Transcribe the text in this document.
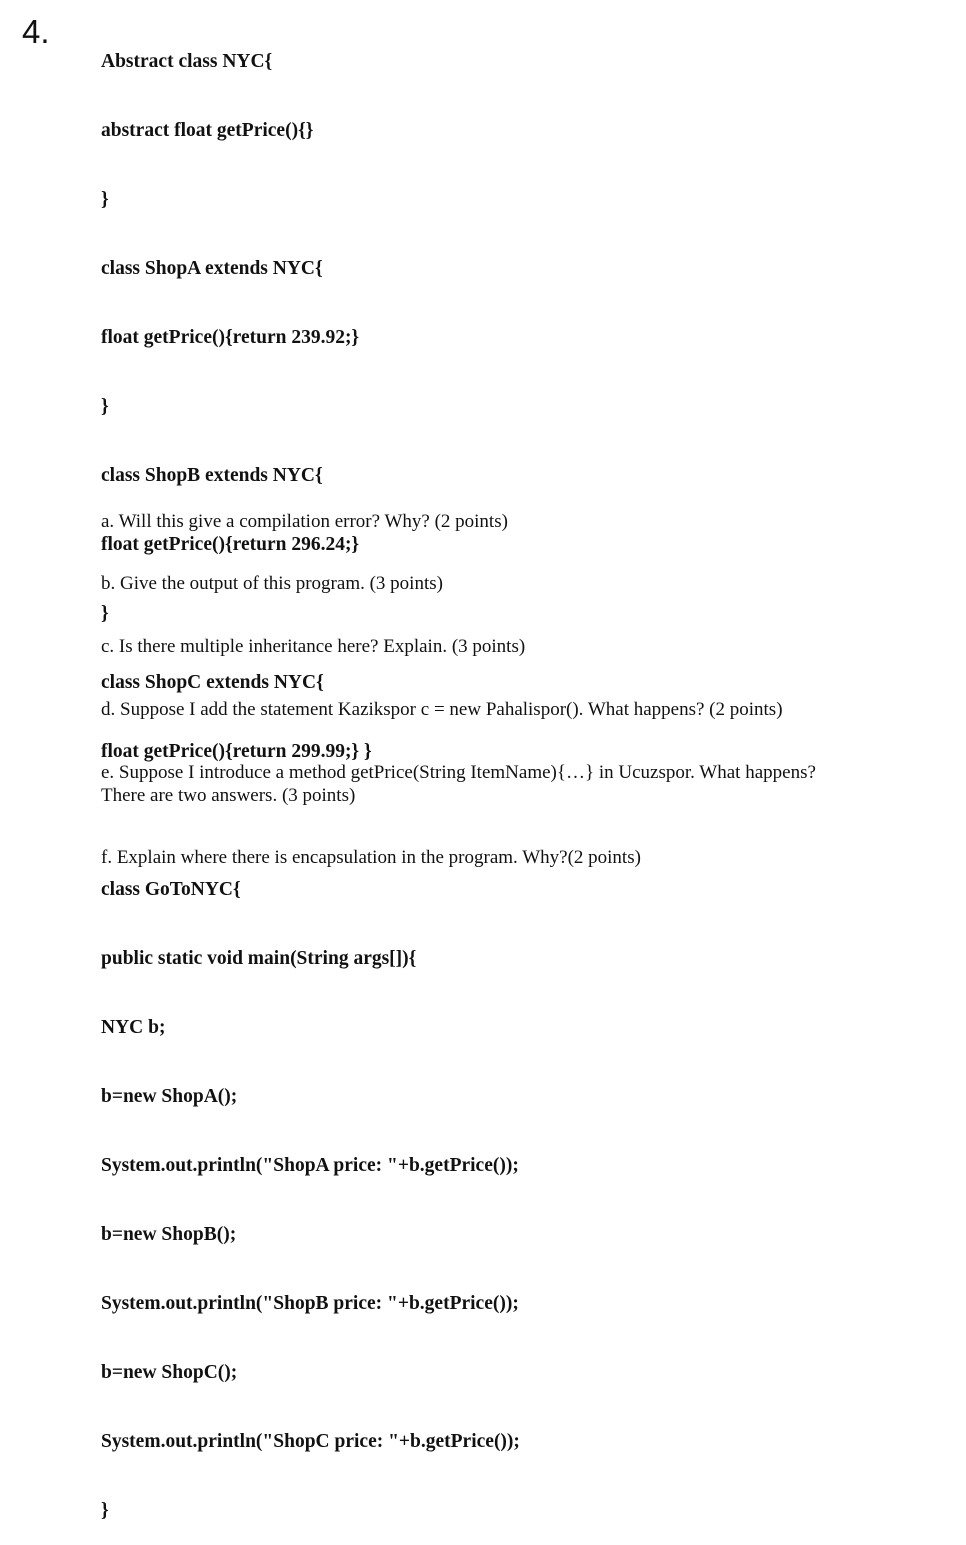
4.

Abstract class NYC{

abstract float getPrice(){}

}

class ShopA extends NYC{

float getPrice(){return 239.92;}

}

class ShopB extends NYC{

float getPrice(){return 296.24;}

}

class ShopC extends NYC{

float getPrice(){return 299.99;} }

class GoToNYC{

public static void main(String args[]){

NYC b;

b=new ShopA();

System.out.println("ShopA price: "+b.getPrice());

b=new ShopB();

System.out.println("ShopB price: "+b.getPrice());

b=new ShopC();

System.out.println("ShopC price: "+b.getPrice());

}

a. Will this give a compilation error? Why? (2 points)

b. Give the output of this program. (3 points)

c. Is there multiple inheritance here? Explain. (3 points)

d. Suppose I add the statement Kazikspor c = new Pahalispor(). What happens? (2 points)

e. Suppose I introduce a method getPrice(String ItemName){…} in Ucuzspor. What happens?
There are two answers. (3 points)

f. Explain where there is encapsulation in the program. Why?(2 points)
